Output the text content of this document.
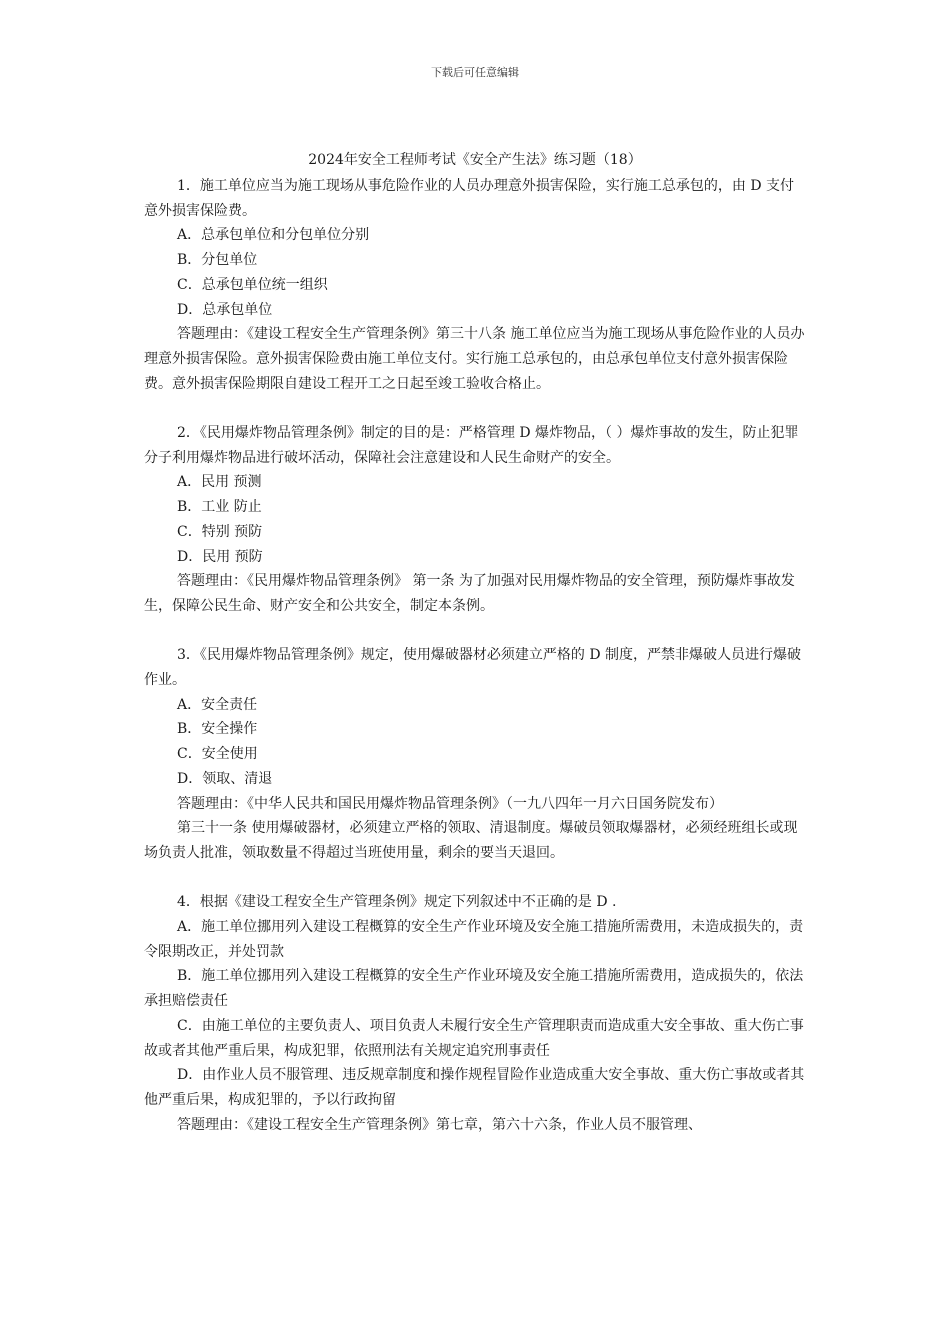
下载后可任意编辑
2024年安全工程师考试《安全产生法》练习题（18）

1．施工单位应当为施工现场从事危险作业的人员办理意外损害保险，实行施工总承包的，由 D 支付意外损害保险费。

A．总承包单位和分包单位分别

B．分包单位

C．总承包单位统一组织

D．总承包单位

答题理由：《建设工程安全生产管理条例》第三十八条 施工单位应当为施工现场从事危险作业的人员办理意外损害保险。意外损害保险费由施工单位支付。实行施工总承包的，由总承包单位支付意外损害保险费。意外损害保险期限自建设工程开工之日起至竣工验收合格止。

2．《民用爆炸物品管理条例》制定的目的是：严格管理 D 爆炸物品，（ ）爆炸事故的发生，防止犯罪分子利用爆炸物品进行破坏活动，保障社会注意建设和人民生命财产的安全。

A．民用 预测

B．工业 防止

C．特别 预防

D．民用 预防

答题理由：《民用爆炸物品管理条例》 第一条 为了加强对民用爆炸物品的安全管理，预防爆炸事故发生，保障公民生命、财产安全和公共安全，制定本条例。

3．《民用爆炸物品管理条例》规定，使用爆破器材必须建立严格的 D 制度，严禁非爆破人员进行爆破作业。

A．安全责任

B．安全操作

C．安全使用

D．领取、清退

答题理由：《中华人民共和国民用爆炸物品管理条例》（一九八四年一月六日国务院发布）

第三十一条 使用爆破器材，必须建立严格的领取、清退制度。爆破员领取爆器材，必须经班组长或现场负责人批准，领取数量不得超过当班使用量，剩余的要当天退回。

4．根据《建设工程安全生产管理条例》规定下列叙述中不正确的是 D .

A．施工单位挪用列入建设工程概算的安全生产作业环境及安全施工措施所需费用，未造成损失的，责令限期改正，并处罚款

B．施工单位挪用列入建设工程概算的安全生产作业环境及安全施工措施所需费用，造成损失的，依法承担赔偿责任

C．由施工单位的主要负责人、项目负责人未履行安全生产管理职责而造成重大安全事故、重大伤亡事故或者其他严重后果，构成犯罪，依照刑法有关规定追究刑事责任

D．由作业人员不服管理、违反规章制度和操作规程冒险作业造成重大安全事故、重大伤亡事故或者其他严重后果，构成犯罪的，予以行政拘留

答题理由：《建设工程安全生产管理条例》第七章，第六十六条，作业人员不服管理、
